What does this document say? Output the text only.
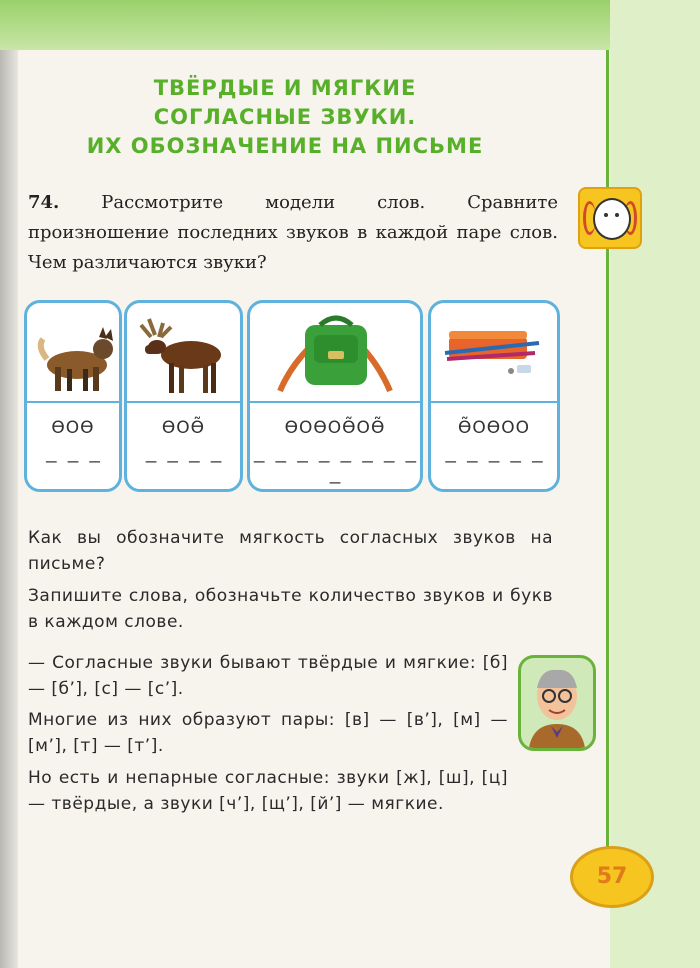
ТВЁРДЫЕ И МЯГКИЕ
СОГЛАСНЫЕ ЗВУКИ.
ИХ ОБОЗНАЧЕНИЕ НА ПИСЬМЕ
74. Рассмотрите модели слов. Сравните произношение последних звуков в каждой паре слов. Чем различаются звуки?
ѲОѲ
— — —
ѲОѲ̃
— — — —
ѲОѲОѲ̃ОѲ̃
— — — — — — — — —
Ѳ̃ОѲОО
— — — — —
Как вы обозначите мягкость согласных звуков на письме?
Запишите слова, обозначьте количество звуков и букв в каждом слове.
— Согласные звуки бывают твёрдые и мягкие: [б] — [б’], [с] — [с’].
Многие из них образуют пары: [в] — [в’], [м] — [м’], [т] — [т’].
Но есть и непарные согласные: звуки [ж], [ш], [ц] — твёрдые, а звуки [ч’], [щ’], [й’] — мягкие.
57
